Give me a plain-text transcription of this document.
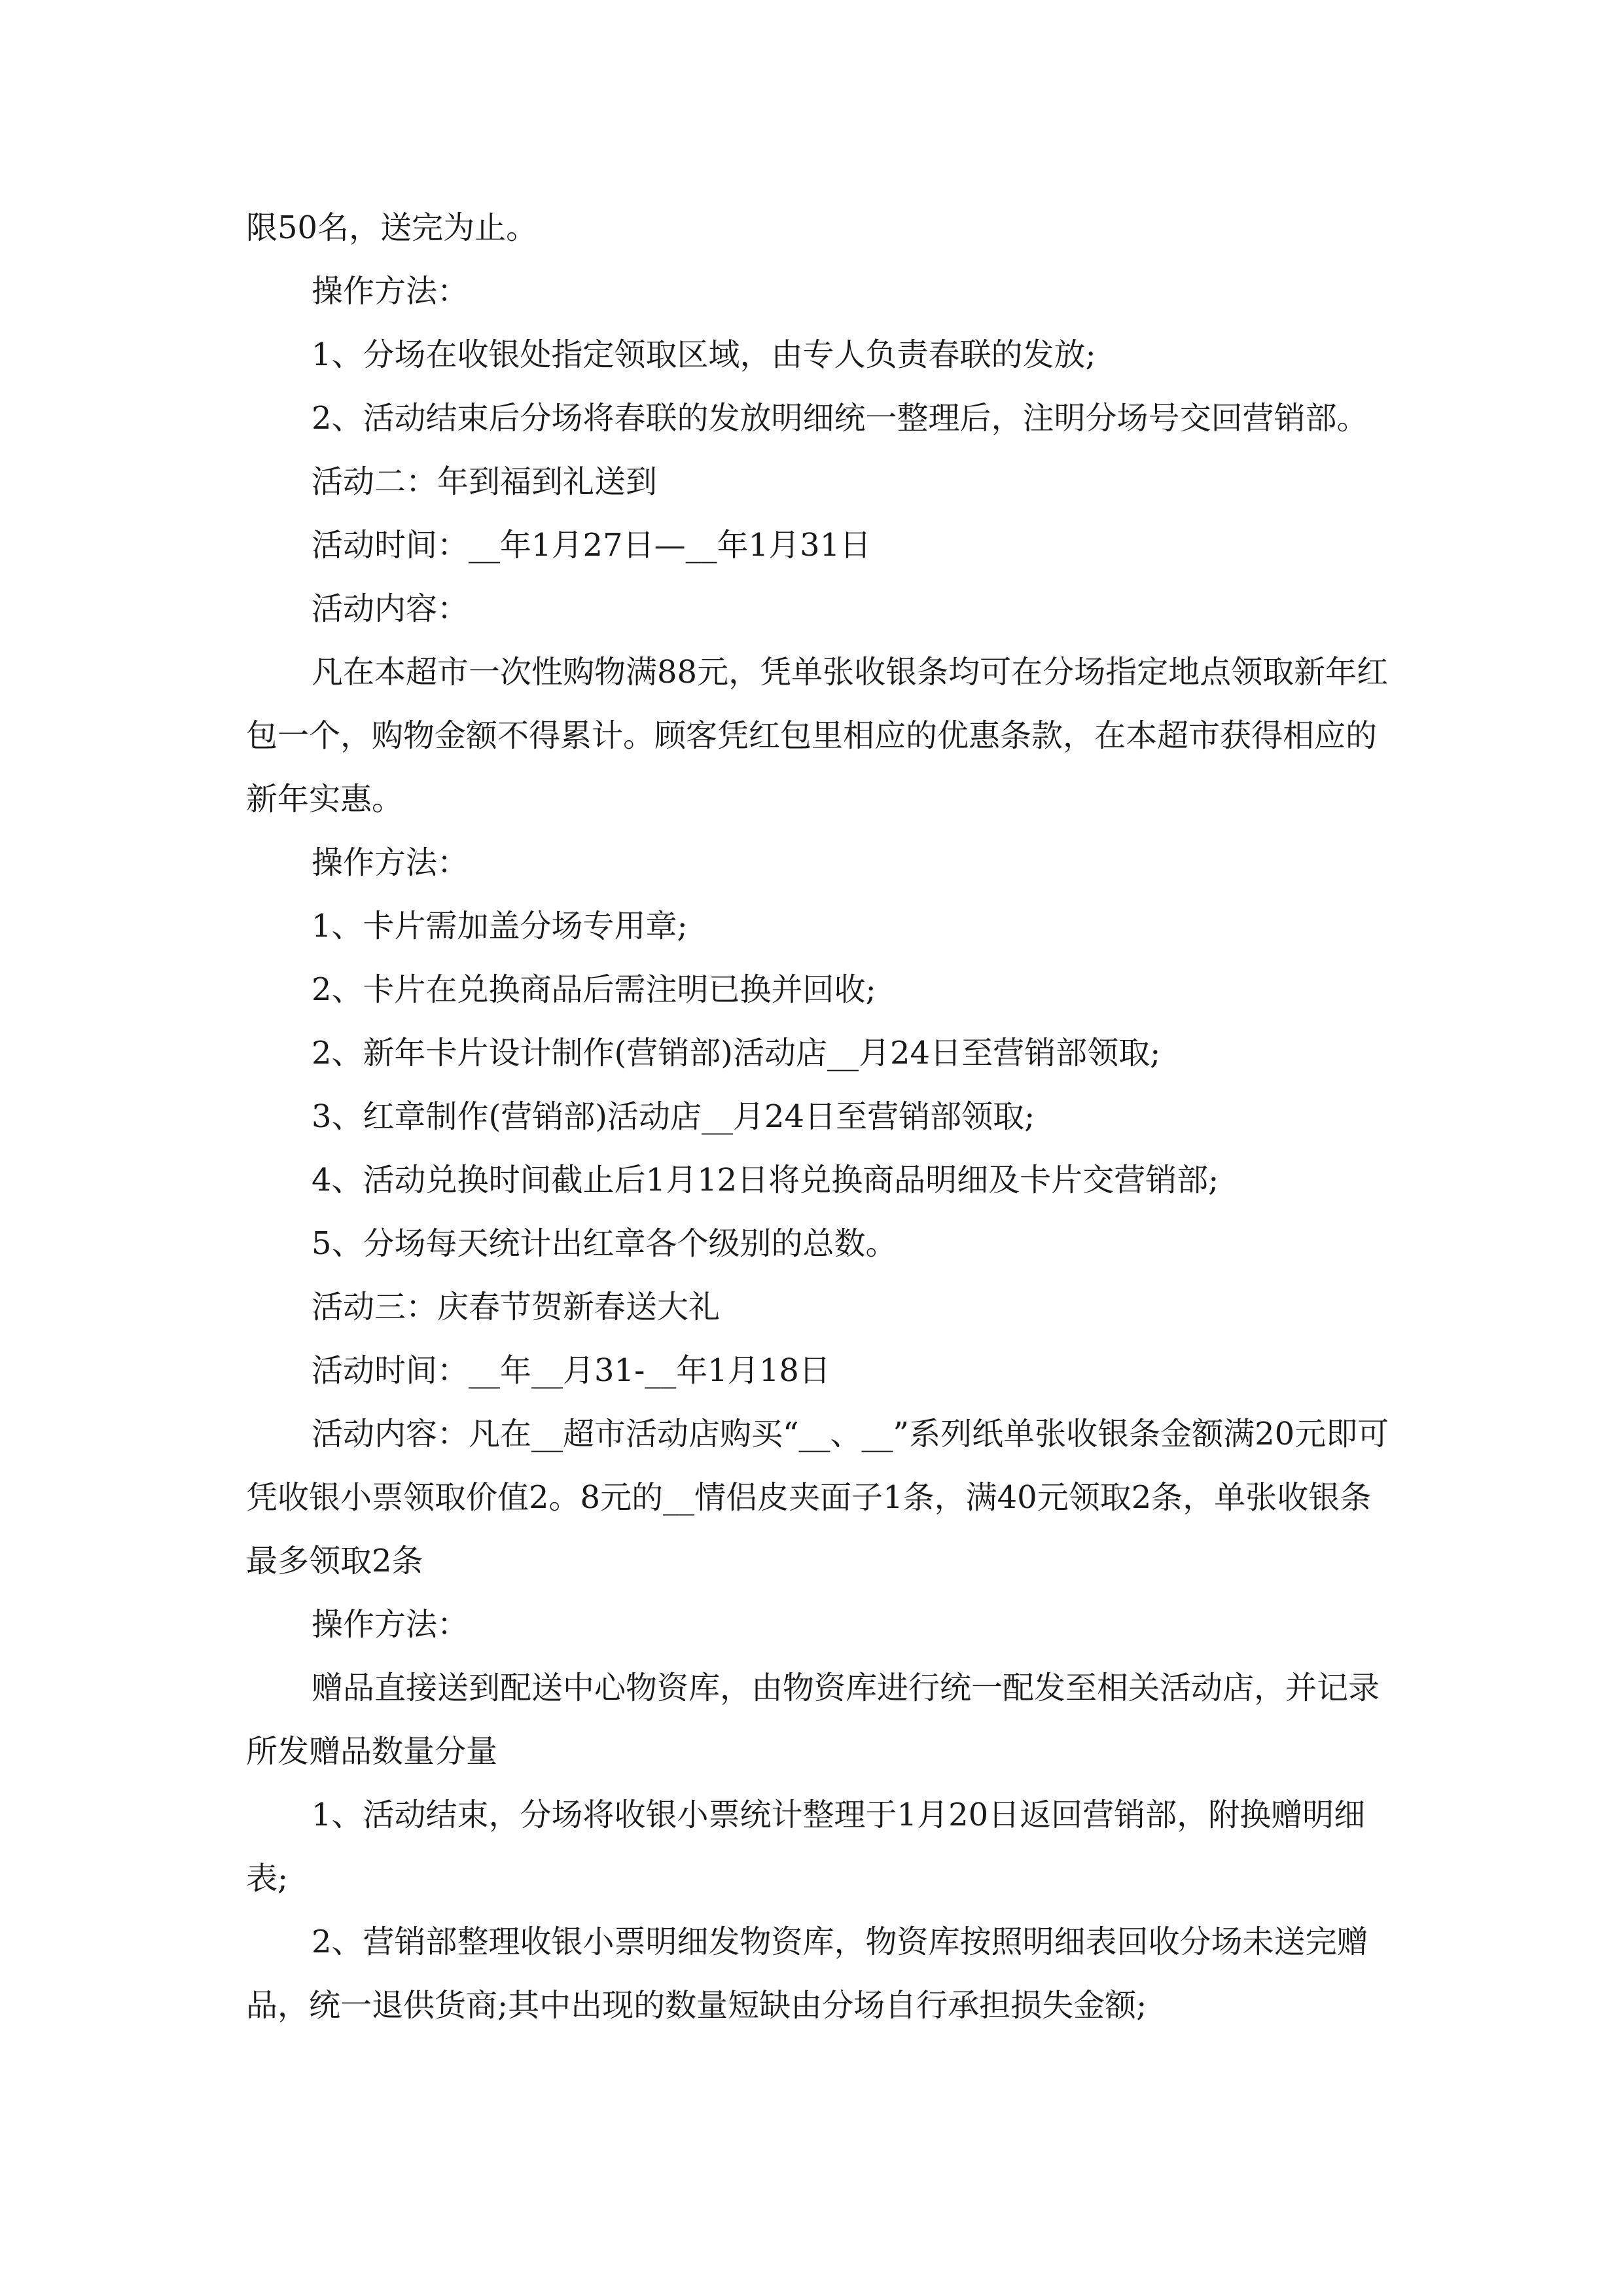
限50名，送完为止。

操作方法：

1、分场在收银处指定领取区域，由专人负责春联的发放;

2、活动结束后分场将春联的发放明细统一整理后，注明分场号交回营销部。

活动二：年到福到礼送到

活动时间：__年1月27日—__年1月31日

活动内容：

凡在本超市一次性购物满88元，凭单张收银条均可在分场指定地点领取新年红包一个，购物金额不得累计。顾客凭红包里相应的优惠条款，在本超市获得相应的新年实惠。

操作方法：

1、卡片需加盖分场专用章;

2、卡片在兑换商品后需注明已换并回收;

2、新年卡片设计制作(营销部)活动店__月24日至营销部领取;

3、红章制作(营销部)活动店__月24日至营销部领取;

4、活动兑换时间截止后1月12日将兑换商品明细及卡片交营销部;

5、分场每天统计出红章各个级别的总数。

活动三：庆春节贺新春送大礼

活动时间：__年__月31-__年1月18日

活动内容：凡在__超市活动店购买“__、__”系列纸单张收银条金额满20元即可凭收银小票领取价值2。8元的__情侣皮夹面子1条，满40元领取2条，单张收银条最多领取2条

操作方法：

赠品直接送到配送中心物资库，由物资库进行统一配发至相关活动店，并记录所发赠品数量分量

1、活动结束，分场将收银小票统计整理于1月20日返回营销部，附换赠明细表;

2、营销部整理收银小票明细发物资库，物资库按照明细表回收分场未送完赠品，统一退供货商;其中出现的数量短缺由分场自行承担损失金额;
